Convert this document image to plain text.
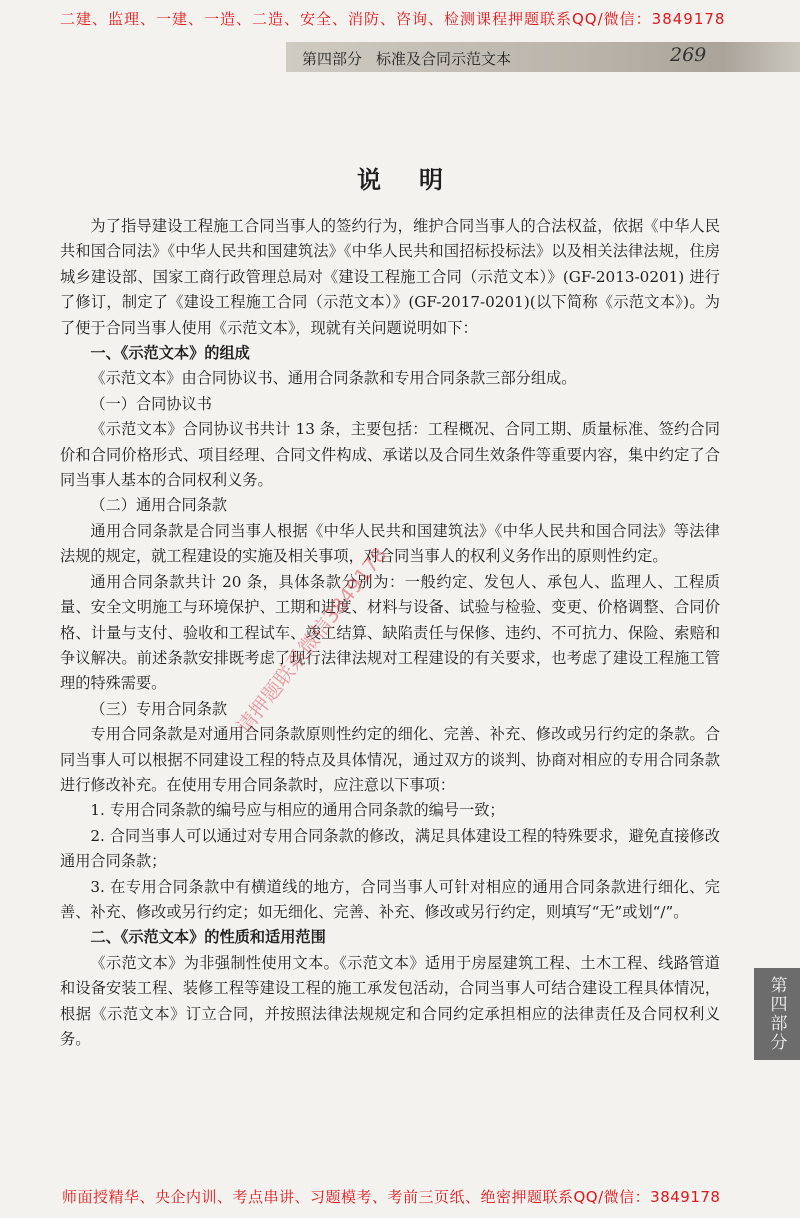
二建、监理、一建、一造、二造、安全、消防、咨询、检测课程押题联系QQ/微信：3849178
第四部分 标准及合同示范文本	269
说明

为了指导建设工程施工合同当事人的签约行为，维护合同当事人的合法权益，依据《中华人民共和国合同法》《中华人民共和国建筑法》《中华人民共和国招标投标法》以及相关法律法规，住房城乡建设部、国家工商行政管理总局对《建设工程施工合同（示范文本）》(GF-2013-0201) 进行了修订，制定了《建设工程施工合同（示范文本）》(GF-2017-0201)(以下简称《示范文本》)。为了便于合同当事人使用《示范文本》，现就有关问题说明如下：

一、《示范文本》的组成

《示范文本》由合同协议书、通用合同条款和专用合同条款三部分组成。

（一）合同协议书

《示范文本》合同协议书共计 13 条，主要包括：工程概况、合同工期、质量标准、签约合同价和合同价格形式、项目经理、合同文件构成、承诺以及合同生效条件等重要内容，集中约定了合同当事人基本的合同权利义务。

（二）通用合同条款

通用合同条款是合同当事人根据《中华人民共和国建筑法》《中华人民共和国合同法》等法律法规的规定，就工程建设的实施及相关事项，对合同当事人的权利义务作出的原则性约定。

通用合同条款共计 20 条，具体条款分别为：一般约定、发包人、承包人、监理人、工程质量、安全文明施工与环境保护、工期和进度、材料与设备、试验与检验、变更、价格调整、合同价格、计量与支付、验收和工程试车、竣工结算、缺陷责任与保修、违约、不可抗力、保险、索赔和争议解决。前述条款安排既考虑了现行法律法规对工程建设的有关要求，也考虑了建设工程施工管理的特殊需要。

（三）专用合同条款

专用合同条款是对通用合同条款原则性约定的细化、完善、补充、修改或另行约定的条款。合同当事人可以根据不同建设工程的特点及具体情况，通过双方的谈判、协商对相应的专用合同条款进行修改补充。在使用专用合同条款时，应注意以下事项：

1. 专用合同条款的编号应与相应的通用合同条款的编号一致；

2. 合同当事人可以通过对专用合同条款的修改，满足具体建设工程的特殊要求，避免直接修改通用合同条款；

3. 在专用合同条款中有横道线的地方，合同当事人可针对相应的通用合同条款进行细化、完善、补充、修改或另行约定；如无细化、完善、补充、修改或另行约定，则填写“无”或划“/”。

二、《示范文本》的性质和适用范围

《示范文本》为非强制性使用文本。《示范文本》适用于房屋建筑工程、土木工程、线路管道和设备安装工程、装修工程等建设工程的施工承发包活动，合同当事人可结合建设工程具体情况，根据《示范文本》订立合同，并按照法律法规规定和合同约定承担相应的法律责任及合同权利义务。

请押题联系微信3849178
第四部分
师面授精华、央企内训、考点串讲、习题模考、考前三页纸、绝密押题联系QQ/微信：3849178
